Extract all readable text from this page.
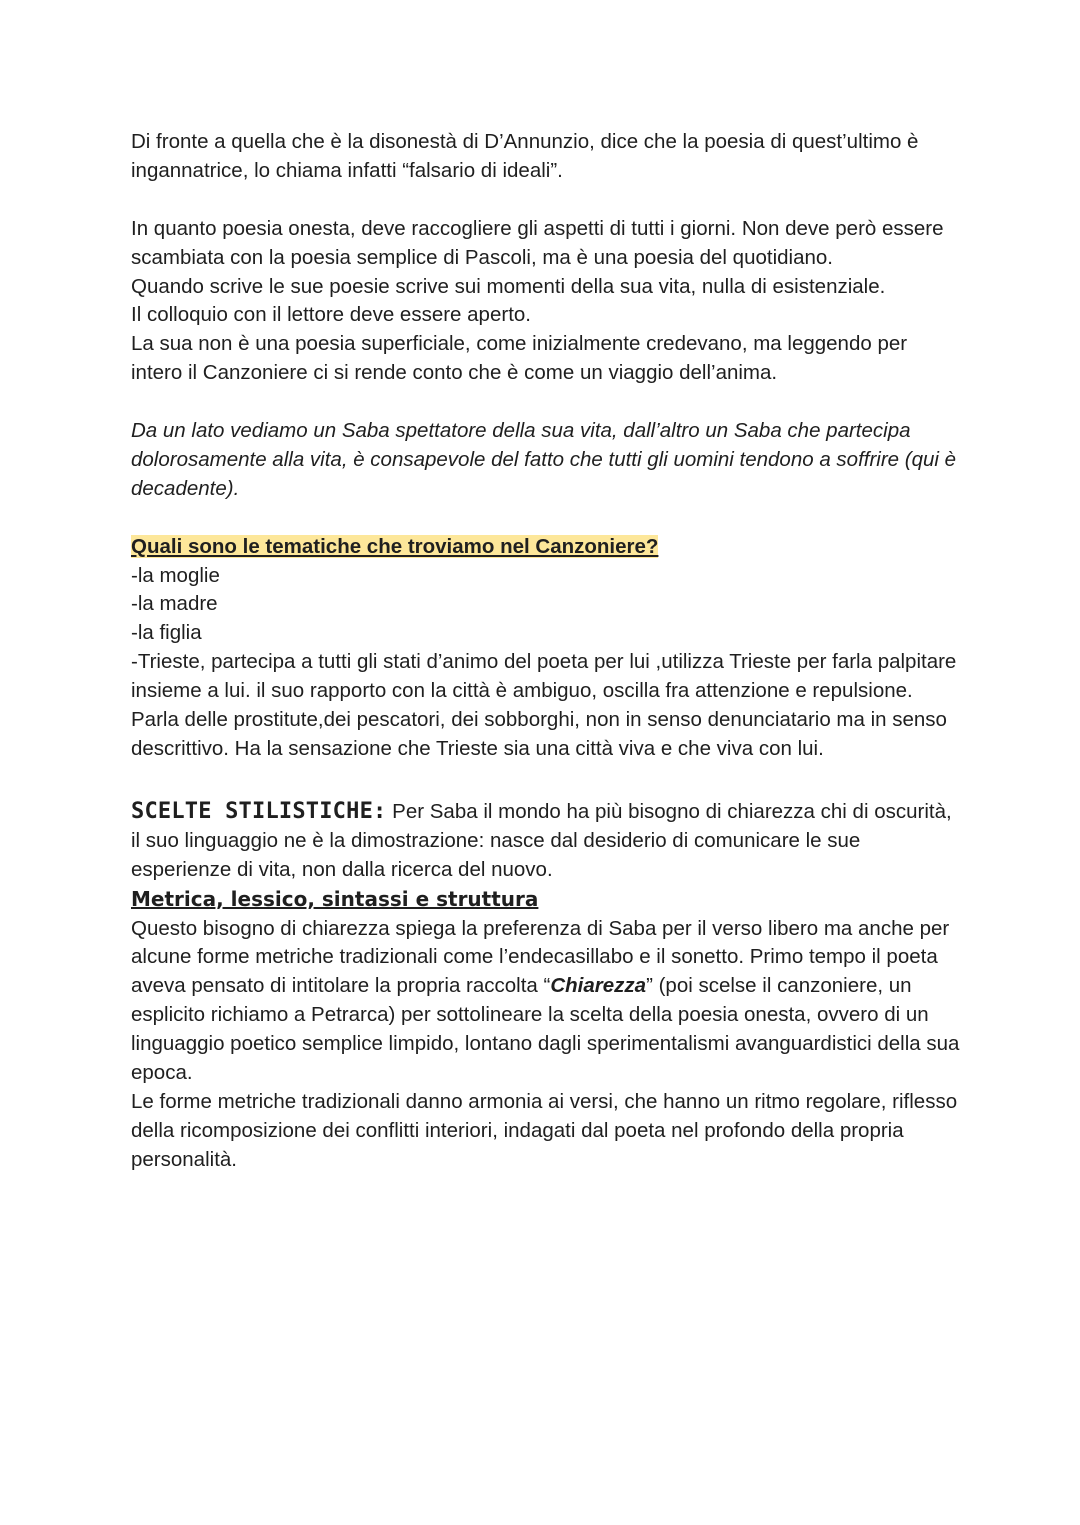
Di fronte a quella che è la disonestà di D’Annunzio, dice che la poesia di quest’ultimo è ingannatrice, lo chiama infatti “falsario di ideali”.

In quanto poesia onesta, deve raccogliere gli aspetti di tutti i giorni. Non deve però essere scambiata con la poesia semplice di Pascoli, ma è una poesia del quotidiano.

Quando scrive le sue poesie scrive sui momenti della sua vita, nulla di esistenziale.

Il colloquio con il lettore deve essere aperto.

La sua non è una poesia superficiale, come inizialmente credevano, ma leggendo per intero il Canzoniere ci si rende conto che è come un viaggio dell’anima.

Da un lato vediamo un Saba spettatore della sua vita, dall’altro un Saba che partecipa dolorosamente alla vita, è consapevole del fatto che tutti gli uomini tendono a soffrire (qui è decadente).

Quali sono le tematiche che troviamo nel Canzoniere?

-la moglie

-la madre

-la figlia

-Trieste, partecipa a tutti gli stati d’animo del poeta per lui ,utilizza Trieste per farla palpitare insieme a lui. il suo rapporto con la città è ambiguo, oscilla fra attenzione e repulsione.

Parla delle prostitute,dei pescatori, dei sobborghi, non in senso denunciatario ma in senso descrittivo. Ha la sensazione che Trieste sia una città viva e che viva con lui.

SCELTE STILISTICHE: Per Saba il mondo ha più bisogno di chiarezza chi di oscurità, il suo linguaggio ne è la dimostrazione: nasce dal desiderio di comunicare le sue esperienze di vita, non dalla ricerca del nuovo.

Metrica, lessico, sintassi e struttura

Questo bisogno di chiarezza spiega la preferenza di Saba per il verso libero ma anche per alcune forme metriche tradizionali come l’endecasillabo e il sonetto. Primo tempo il poeta aveva pensato di intitolare la propria raccolta “Chiarezza” (poi scelse il canzoniere, un esplicito richiamo a Petrarca) per sottolineare la scelta della poesia onesta, ovvero di un linguaggio poetico semplice limpido, lontano dagli sperimentalismi avanguardistici della sua epoca.

Le forme metriche tradizionali danno armonia ai versi, che hanno un ritmo regolare, riflesso della ricomposizione dei conflitti interiori, indagati dal poeta nel profondo della propria personalità.
